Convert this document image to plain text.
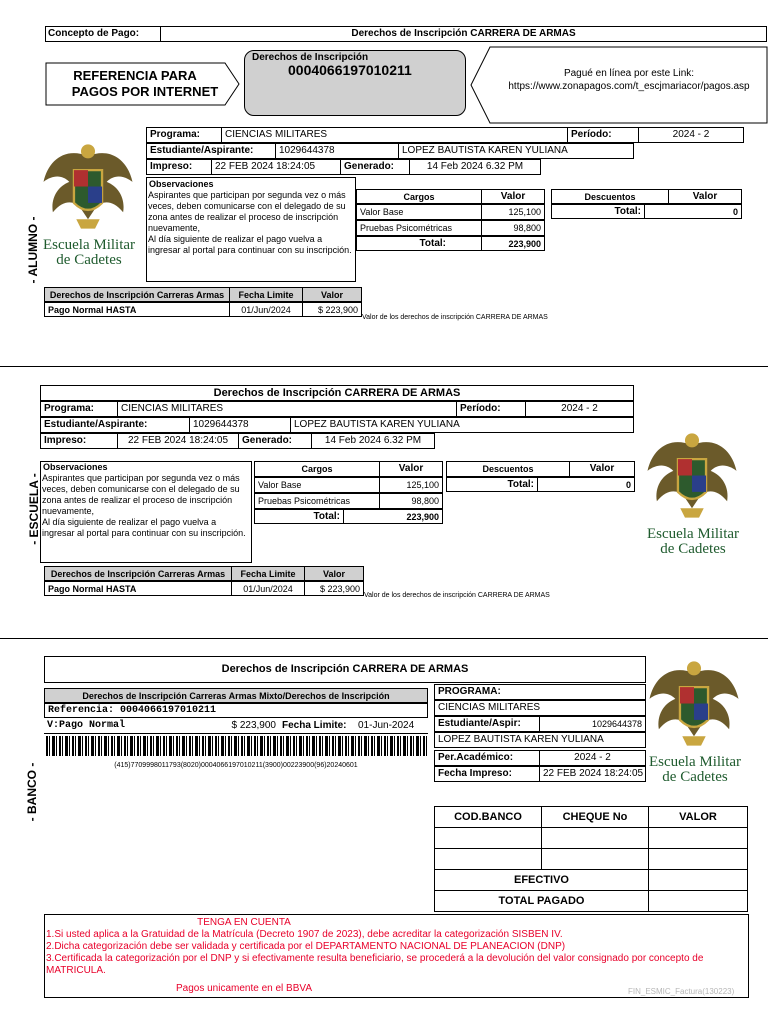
Concepto de Pago:	Derechos de Inscripción CARRERA DE ARMAS
REFERENCIA PARA
PAGOS POR INTERNET
Derechos de Inscripción
0004066197010211	Pagué en línea por este Link:
https://www.zonapagos.com/t_escjmariacor/pagos.asp
- ALUMNO - Escuela Militar
de Cadetes
Programa:	CIENCIAS MILITARES	Período:	2024 - 2
Estudiante/Aspirante:	1029644378	LOPEZ BAUTISTA KAREN YULIANA
Impreso:	22 FEB 2024 18:24:05	Generado:	14 Feb 2024 6.32 PM
Observaciones
Aspirantes que participan por segunda vez o más veces, deben comunicarse con el delegado de su zona antes de realizar el proceso de inscripción nuevamente,
Al día siguiente de realizar el pago vuelva a ingresar al portal para continuar con su inscripción.
Cargos	Valor
Valor Base	125,100
Pruebas Psicométricas	98,800
Total:	223,900
Descuentos	Valor
Total:	0
Derechos de Inscripción Carreras Armas	Fecha Limite	Valor
Pago Normal HASTA	01/Jun/2024	$ 223,900
Valor de los derechos de inscripción CARRERA DE ARMAS
Derechos de Inscripción CARRERA DE ARMAS
Programa:	CIENCIAS MILITARES	Período:	2024 - 2
Estudiante/Aspirante:	1029644378	LOPEZ BAUTISTA KAREN YULIANA
Impreso:	22 FEB 2024 18:24:05	Generado:	14 Feb 2024 6.32 PM
- ESCUELA -
Observaciones
Aspirantes que participan por segunda vez o más veces, deben comunicarse con el delegado de su zona antes de realizar el proceso de inscripción nuevamente,
Al día siguiente de realizar el pago vuelva a ingresar al portal para continuar con su inscripción.
Cargos	Valor
Valor Base	125,100
Pruebas Psicométricas	98,800
Total:	223,900
Descuentos	Valor
Total:	0
Derechos de Inscripción Carreras Armas	Fecha Limite	Valor
Pago Normal HASTA	01/Jun/2024	$ 223,900
Valor de los derechos de inscripción CARRERA DE ARMAS
Escuela Militar
de Cadetes
Derechos de Inscripción CARRERA DE ARMAS
- BANCO -
Derechos de Inscripción Carreras Armas Mixto/Derechos de Inscripción
Referencia: 0004066197010211
V:Pago Normal	$ 223,900 Fecha Limite: 01-Jun-2024
(415)7709998011793(8020)0004066197010211(3900)00223900(96)20240601
PROGRAMA:
CIENCIAS MILITARES
Estudiante/Aspir:	1029644378
LOPEZ BAUTISTA KAREN YULIANA
Per.Académico:	2024 - 2
Fecha Impreso:	22 FEB 2024 18:24:05
Escuela Militar
de Cadetes
COD.BANCO	CHEQUE No	VALOR
EFECTIVO
TOTAL PAGADO
TENGA EN CUENTA
1.Si usted aplica a la Gratuidad de la Matrícula (Decreto 1907 de 2023), debe acreditar la categorización SISBEN IV.
2.Dicha categorización debe ser validada y certificada por el DEPARTAMENTO NACIONAL DE PLANEACION (DNP)
3.Certificada la categorización por el DNP y si efectivamente resulta beneficiario, se procederá a la devolución del valor consignado por concepto de MATRICULA.
Pagos unicamente en el BBVA	FIN_ESMIC_Factura(130223)
